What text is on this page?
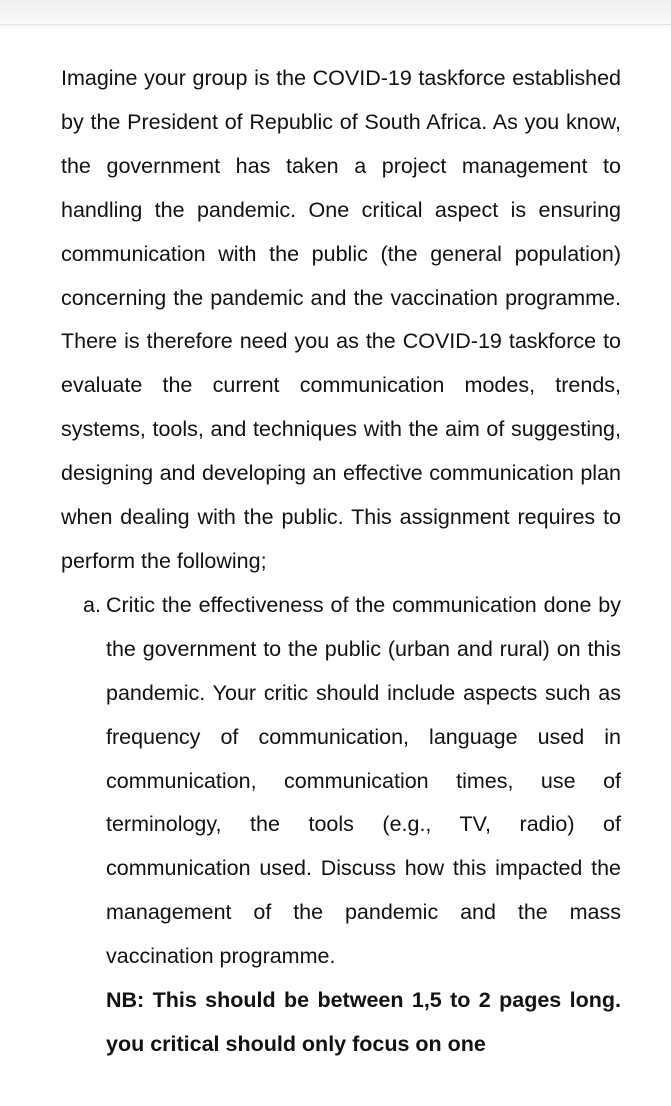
Imagine your group is the COVID-19 taskforce established by the President of Republic of South Africa. As you know, the government has taken a project management to handling the pandemic. One critical aspect is ensuring communication with the public (the general population) concerning the pandemic and the vaccination programme. There is therefore need you as the COVID-19 taskforce to evaluate the current communication modes, trends, systems, tools, and techniques with the aim of suggesting, designing and developing an effective communication plan when dealing with the public. This assignment requires to perform the following;

a. Critic the effectiveness of the communication done by the government to the public (urban and rural) on this pandemic. Your critic should include aspects such as frequency of communication, language used in communication, communication times, use of terminology, the tools (e.g., TV, radio) of communication used. Discuss how this impacted the management of the pandemic and the mass vaccination programme.

NB: This should be between 1,5 to 2 pages long. you critical should only focus on one
